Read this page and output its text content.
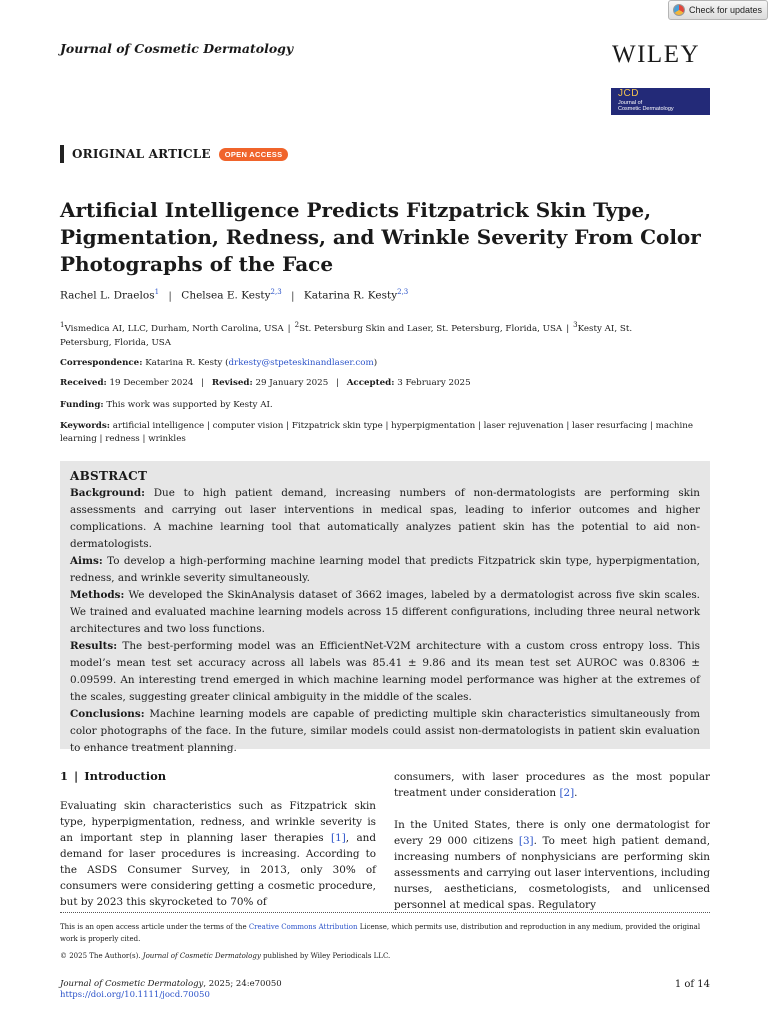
Check for updates
Journal of Cosmetic Dermatology	WILEY
JCD
Journal of
Cosmetic Dermatology
ORIGINAL ARTICLE	OPEN ACCESS
Artificial Intelligence Predicts Fitzpatrick Skin Type, Pigmentation, Redness, and Wrinkle Severity From Color Photographs of the Face
Rachel L. Draelos$^1$ | Chelsea E. Kesty$^{2,3}$ | Katarina R. Kesty$^{2,3}$
$^1$Vismedica AI, LLC, Durham, North Carolina, USA | $^2$St. Petersburg Skin and Laser, St. Petersburg, Florida, USA | $^3$Kesty AI, St. Petersburg, Florida, USA
Correspondence: Katarina R. Kesty (drkesty@stpeteskinandlaser.com)
Received: 19 December 2024 | Revised: 29 January 2025 | Accepted: 3 February 2025
Funding: This work was supported by Kesty AI.
Keywords: artificial intelligence | computer vision | Fitzpatrick skin type | hyperpigmentation | laser rejuvenation | laser resurfacing | machine learning | redness | wrinkles
ABSTRACT

Background: Due to high patient demand, increasing numbers of non-dermatologists are performing skin assessments and carrying out laser interventions in medical spas, leading to inferior outcomes and higher complications. A machine learning tool that automatically analyzes patient skin has the potential to aid non-dermatologists.

Aims: To develop a high-performing machine learning model that predicts Fitzpatrick skin type, hyperpigmentation, redness, and wrinkle severity simultaneously.

Methods: We developed the SkinAnalysis dataset of 3662 images, labeled by a dermatologist across five skin scales. We trained and evaluated machine learning models across 15 different configurations, including three neural network architectures and two loss functions.

Results: The best-performing model was an EfficientNet-V2M architecture with a custom cross entropy loss. This model’s mean test set accuracy across all labels was 85.41 ± 9.86 and its mean test set AUROC was 0.8306 ± 0.09599. An interesting trend emerged in which machine learning model performance was higher at the extremes of the scales, suggesting greater clinical ambiguity in the middle of the scales.

Conclusions: Machine learning models are capable of predicting multiple skin characteristics simultaneously from color photographs of the face. In the future, similar models could assist non-dermatologists in patient skin evaluation to enhance treatment planning.

1 | Introduction

Evaluating skin characteristics such as Fitzpatrick skin type, hyperpigmentation, redness, and wrinkle severity is an important step in planning laser therapies [1], and demand for laser procedures is increasing. According to the ASDS Consumer Survey, in 2013, only 30% of consumers were considering getting a cosmetic procedure, but by 2023 this skyrocketed to 70% of

consumers, with laser procedures as the most popular treatment under consideration [2].

In the United States, there is only one dermatologist for every 29 000 citizens [3]. To meet high patient demand, increasing numbers of nonphysicians are performing skin assessments and carrying out laser interventions, including nurses, aestheticians, cosmetologists, and unlicensed personnel at medical spas. Regulatory

This is an open access article under the terms of the Creative Commons Attribution License, which permits use, distribution and reproduction in any medium, provided the original work is properly cited.
© 2025 The Author(s). Journal of Cosmetic Dermatology published by Wiley Periodicals LLC.
Journal of Cosmetic Dermatology, 2025; 24:e70050
https://doi.org/10.1111/jocd.70050
1 of 14
